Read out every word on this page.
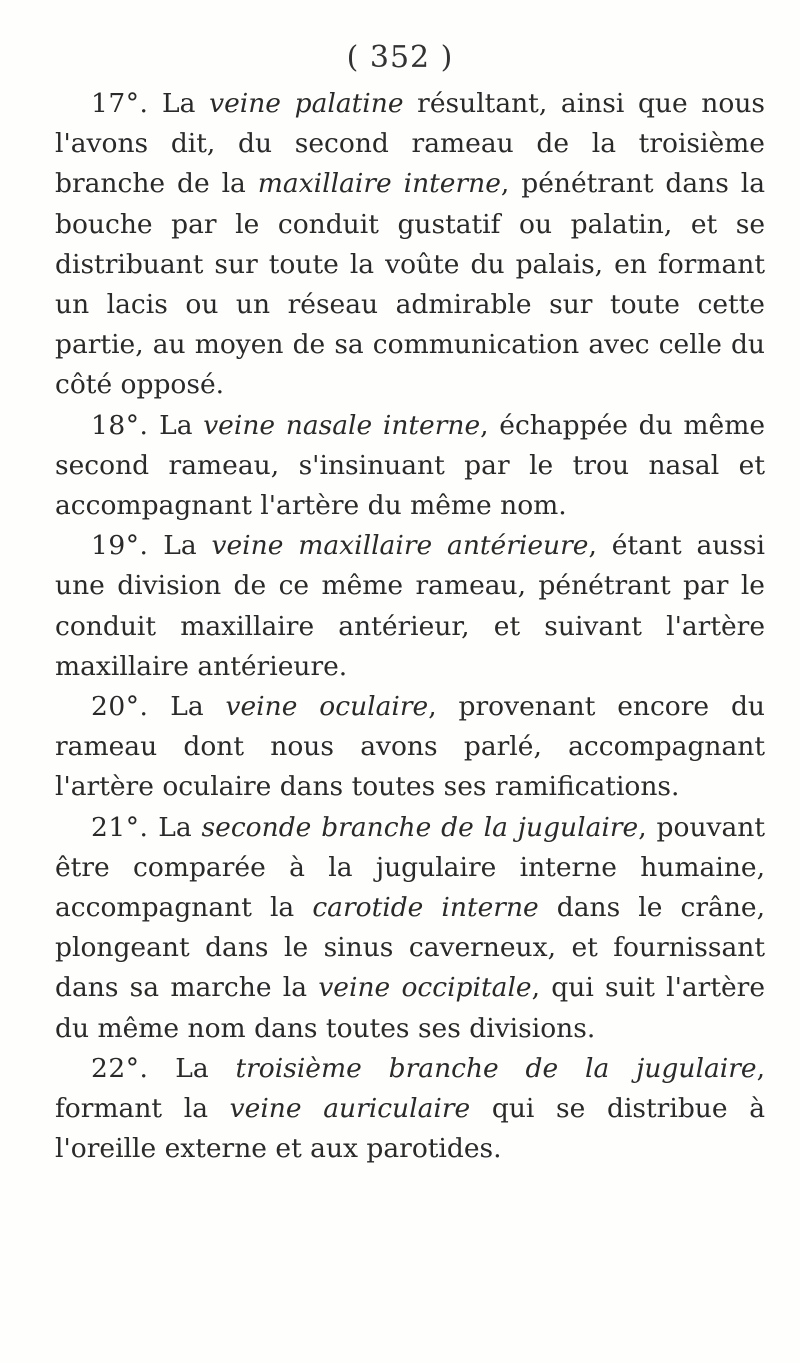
( 352 )

17°. La veine palatine résultant, ainsi que nous l'avons dit, du second rameau de la troisième branche de la maxillaire interne, pénétrant dans la bouche par le conduit gustatif ou palatin, et se distribuant sur toute la voûte du palais, en formant un lacis ou un réseau admirable sur toute cette partie, au moyen de sa communication avec celle du côté opposé.

18°. La veine nasale interne, échappée du même second rameau, s'insinuant par le trou nasal et accompagnant l'artère du même nom.

19°. La veine maxillaire antérieure, étant aussi une division de ce même rameau, pénétrant par le conduit maxillaire antérieur, et suivant l'artère maxillaire antérieure.

20°. La veine oculaire, provenant encore du rameau dont nous avons parlé, accompagnant l'artère oculaire dans toutes ses ramifications.

21°. La seconde branche de la jugulaire, pouvant être comparée à la jugulaire interne humaine, accompagnant la carotide interne dans le crâne, plongeant dans le sinus caverneux, et fournissant dans sa marche la veine occipitale, qui suit l'artère du même nom dans toutes ses divisions.

22°. La troisième branche de la jugulaire, formant la veine auriculaire qui se distribue à l'oreille externe et aux parotides.
